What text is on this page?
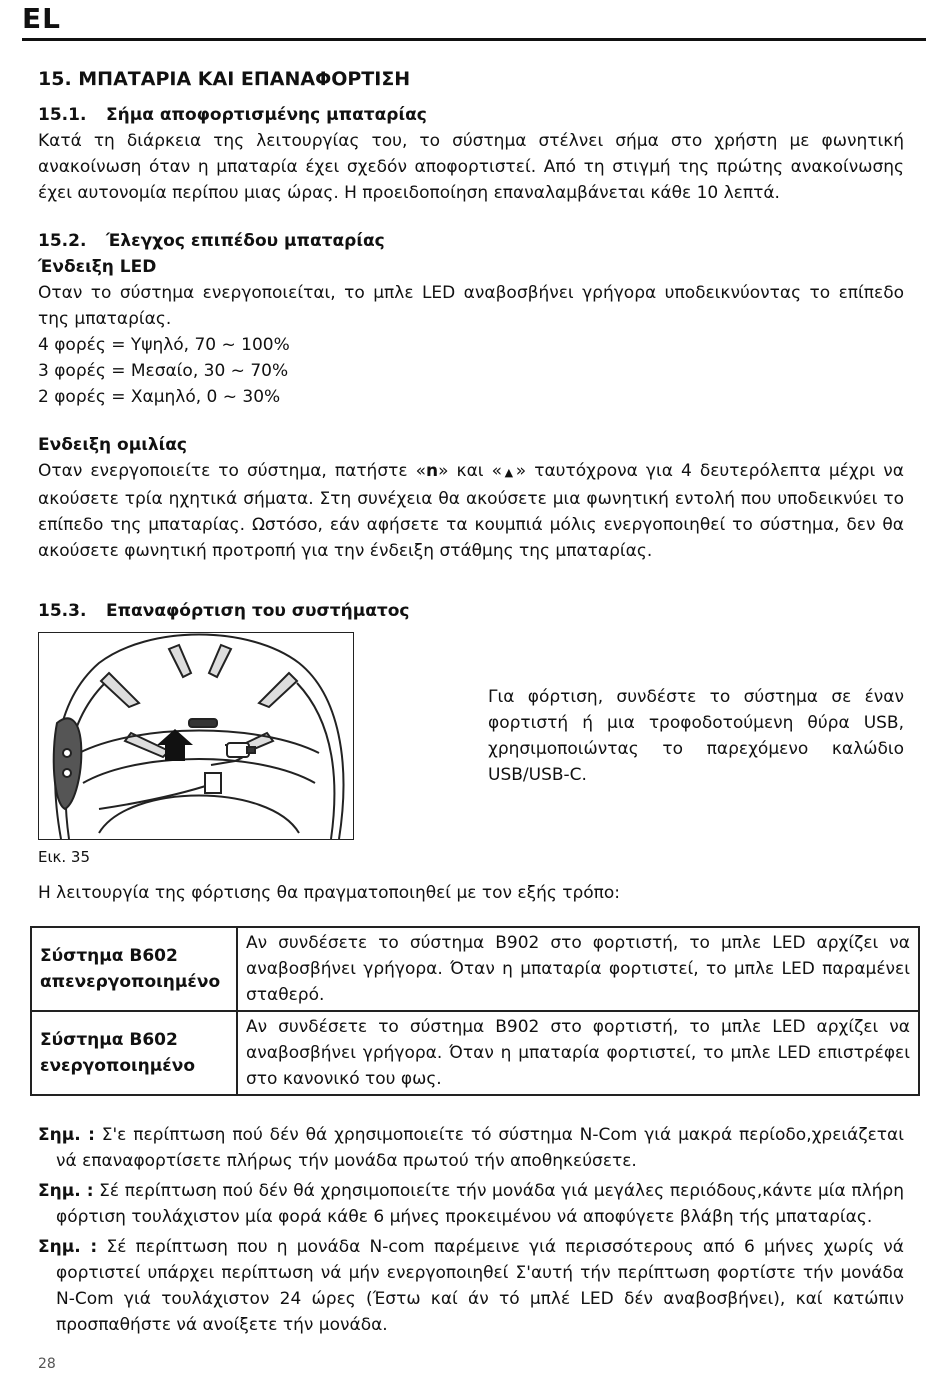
EL
15. ΜΠΑΤΑΡΙΑ ΚΑΙ ΕΠΑΝΑΦΟΡΤΙΣΗ
15.1. Σήμα αποφορτισμένης μπαταρίας

Κατά τη διάρκεια της λειτουργίας του, το σύστημα στέλνει σήμα στο χρήστη με φωνητική ανακοίνωση όταν η μπαταρία έχει σχεδόν αποφορτιστεί. Από τη στιγμή της πρώτης ανακοίνωσης έχει αυτονομία περίπου μιας ώρας. Η προειδοποίηση επαναλαμβάνεται κάθε 10 λεπτά.

15.2. Έλεγχος επιπέδου μπαταρίας

Ένδειξη LED

Οταν το σύστημα ενεργοποιείται, το μπλε LED αναβοσβήνει γρήγορα υποδεικνύοντας το επίπεδο της μπαταρίας.

4 φορές = Υψηλό, 70 ~ 100%
3 φορές = Μεσαίο, 30 ~ 70%
2 φορές = Χαμηλό, 0 ~ 30%

Ενδειξη ομιλίας

Οταν ενεργοποιείτε το σύστημα, πατήστε «n» και «▲» ταυτόχρονα για 4 δευτερόλεπτα μέχρι να ακούσετε τρία ηχητικά σήματα. Στη συνέχεια θα ακούσετε μια φωνητική εντολή που υποδεικνύει το επίπεδο της μπαταρίας. Ωστόσο, εάν αφήσετε τα κουμπιά μόλις ενεργοποιηθεί το σύστημα, δεν θα ακούσετε φωνητική προτροπή για την ένδειξη στάθμης της μπαταρίας.

15.3. Επαναφόρτιση του συστήματος
Για φόρτιση, συνδέστε το σύστημα σε έναν φορτιστή ή μια τροφοδοτούμενη θύρα USB, χρησιμοποιώντας το παρεχόμενο καλώδιο USB/USB-C.
Εικ. 35

Η λειτουργία της φόρτισης θα πραγματοποιηθεί με τον εξής τρόπο:

Σύστημα B602 απενεργοποιημένο	Αν συνδέσετε το σύστημα B902 στο φορτιστή, το μπλε LED αρχίζει να αναβοσβήνει γρήγορα. Όταν η μπαταρία φορτιστεί, το μπλε LED παραμένει σταθερό.
Σύστημα B602 ενεργοποιημένο	Αν συνδέσετε το σύστημα B902 στο φορτιστή, το μπλε LED αρχίζει να αναβοσβήνει γρήγορα. Όταν η μπαταρία φορτιστεί, το μπλε LED επιστρέφει στο κανονικό του φως.

Σημ. : Σ'ε περίπτωση πού δέν θά χρησιμοποιείτε τό σύστημα N-Com γιά μακρά περίοδο,χρειάζεται νά επαναφορτίσετε πλήρως τήν μονάδα πρωτού τήν αποθηκεύσετε.

Σημ. : Σέ περίπτωση πού δέν θά χρησιμοποιείτε τήν μονάδα γιά μεγάλες περιόδους,κάντε μία πλήρη φόρτιση τουλάχιστον μία φορά κάθε 6 μήνες προκειμένου νά αποφύγετε βλάβη τής μπαταρίας.

Σημ. : Σέ περίπτωση που η μονάδα N-com παρέμεινε γιά περισσότερους από 6 μήνες χωρίς νά φορτιστεί υπάρχει περίπτωση νά μήν ενεργοποιηθεί Σ'αυτή τήν περίπτωση φορτίστε τήν μονάδα N-Com γιά τουλάχιστον 24 ώρες (Έστω καί άν τό μπλέ LED δέν αναβοσβήνει), καί κατώπιν προσπαθήστε νά ανοίξετε τήν μονάδα.

28
